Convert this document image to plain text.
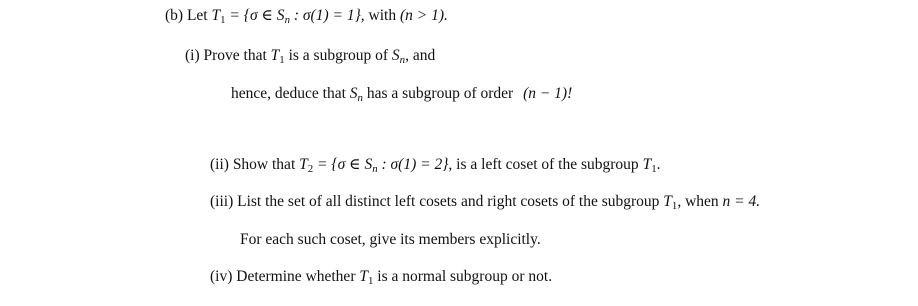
(b) Let $T_1 = \{\sigma$ ∈ $S_n$ : σ(1) = 1}, with (n > 1).
(i) Prove that $T_1$ is a subgroup of $S_n$, and
hence, deduce that $S_n$ has a subgroup of order (n − 1)!
(ii) Show that $T_2 = \{\sigma$ ∈ $S_n$ : σ(1) = 2}, is a left coset of the subgroup $T_1$.
(iii) List the set of all distinct left cosets and right cosets of the subgroup $T_1$, when n = 4.
For each such coset, give its members explicitly.
(iv) Determine whether $T_1$ is a normal subgroup or not.
